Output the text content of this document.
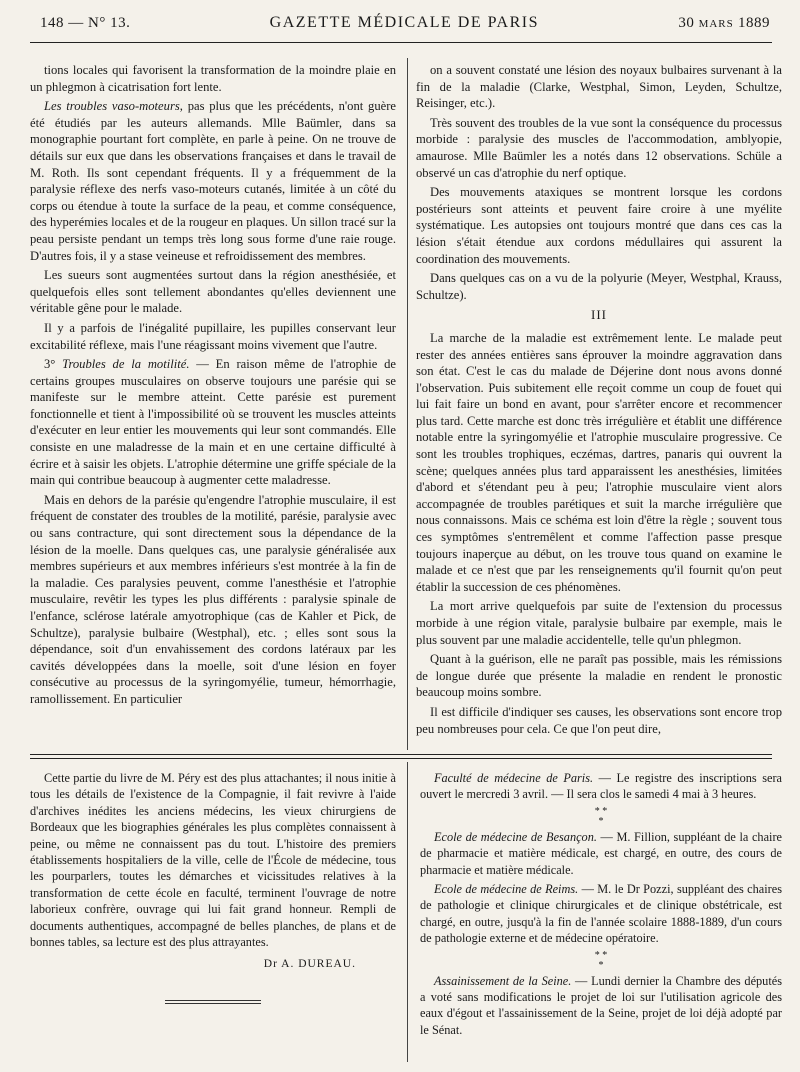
148 — N° 13.	GAZETTE MÉDICALE DE PARIS	30 MARS 1889

tions locales qui favorisent la transformation de la moindre plaie en un phlegmon à cicatrisation fort lente.

Les troubles vaso-moteurs, pas plus que les précédents, n'ont guère été étudiés par les auteurs allemands. Mlle Baümler, dans sa monographie pourtant fort complète, en parle à peine. On ne trouve de détails sur eux que dans les observations françaises et dans le travail de M. Roth. Ils sont cependant fréquents. Il y a fréquemment de la paralysie réflexe des nerfs vaso-moteurs cutanés, limitée à un côté du corps ou étendue à toute la surface de la peau, et comme conséquence, des hyperémies locales et de la rougeur en plaques. Un sillon tracé sur la peau persiste pendant un temps très long sous forme d'une raie rouge. D'autres fois, il y a stase veineuse et refroidissement des membres.

Les sueurs sont augmentées surtout dans la région anesthésiée, et quelquefois elles sont tellement abondantes qu'elles deviennent une véritable gêne pour le malade.

Il y a parfois de l'inégalité pupillaire, les pupilles conservant leur excitabilité réflexe, mais l'une réagissant moins vivement que l'autre.

3° Troubles de la motilité. — En raison même de l'atrophie de certains groupes musculaires on observe toujours une parésie qui se manifeste sur le membre atteint. Cette parésie est purement fonctionnelle et tient à l'impossibilité où se trouvent les muscles atteints d'exécuter en leur entier les mouvements qui leur sont commandés. Elle consiste en une maladresse de la main et en une certaine difficulté à écrire et à saisir les objets. L'atrophie détermine une griffe spéciale de la main qui contribue beaucoup à augmenter cette maladresse.

Mais en dehors de la parésie qu'engendre l'atrophie musculaire, il est fréquent de constater des troubles de la motilité, parésie, paralysie avec ou sans contracture, qui sont directement sous la dépendance de la lésion de la moelle. Dans quelques cas, une paralysie généralisée aux membres supérieurs et aux membres inférieurs s'est montrée à la fin de la maladie. Ces paralysies peuvent, comme l'anesthésie et l'atrophie musculaire, revêtir les types les plus différents : paralysie spinale de l'enfance, sclérose latérale amyotrophique (cas de Kahler et Pick, de Schultze), paralysie bulbaire (Westphal), etc. ; elles sont sous la dépendance, soit d'un envahissement des cordons latéraux par les cavités développées dans la moelle, soit d'une lésion en foyer consécutive au processus de la syringomyélie, tumeur, hémorrhagie, ramollissement. En particulier

on a souvent constaté une lésion des noyaux bulbaires survenant à la fin de la maladie (Clarke, Westphal, Simon, Leyden, Schultze, Reisinger, etc.).

Très souvent des troubles de la vue sont la conséquence du processus morbide : paralysie des muscles de l'accommodation, amblyopie, amaurose. Mlle Baümler les a notés dans 12 observations. Schüle a observé un cas d'atrophie du nerf optique.

Des mouvements ataxiques se montrent lorsque les cordons postérieurs sont atteints et peuvent faire croire à une myélite systématique. Les autopsies ont toujours montré que dans ces cas la lésion s'était étendue aux cordons médullaires qui assurent la coordination des mouvements.

Dans quelques cas on a vu de la polyurie (Meyer, Westphal, Krauss, Schultze).

III

La marche de la maladie est extrêmement lente. Le malade peut rester des années entières sans éprouver la moindre aggravation dans son état. C'est le cas du malade de Déjerine dont nous avons donné l'observation. Puis subitement elle reçoit comme un coup de fouet qui lui fait faire un bond en avant, pour s'arrêter encore et recommencer plus tard. Cette marche est donc très irrégulière et établit une différence notable entre la syringomyélie et l'atrophie musculaire progressive. Ce sont les troubles trophiques, eczémas, dartres, panaris qui ouvrent la scène; quelques années plus tard apparaissent les anesthésies, limitées d'abord et s'étendant peu à peu; l'atrophie musculaire vient alors accompagnée de troubles parétiques et suit la marche irrégulière que nous connaissons. Mais ce schéma est loin d'être la règle ; souvent tous ces symptômes s'entremêlent et comme l'affection passe presque toujours inaperçue au début, on les trouve tous quand on examine le malade et ce n'est que par les renseignements qu'il fournit qu'on peut établir la succession de ces phénomènes.

La mort arrive quelquefois par suite de l'extension du processus morbide à une région vitale, paralysie bulbaire par exemple, mais le plus souvent par une maladie accidentelle, telle qu'un phlegmon.

Quant à la guérison, elle ne paraît pas possible, mais les rémissions de longue durée que présente la maladie en rendent le pronostic beaucoup moins sombre.

Il est difficile d'indiquer ses causes, les observations sont encore trop peu nombreuses pour cela. Ce que l'on peut dire,

Cette partie du livre de M. Péry est des plus attachantes; il nous initie à tous les détails de l'existence de la Compagnie, il fait revivre à l'aide d'archives inédites les anciens médecins, les vieux chirurgiens de Bordeaux que les biographies générales les plus complètes connaissent à peine, ou même ne connaissent pas du tout. L'histoire des premiers établissements hospitaliers de la ville, celle de l'École de médecine, tous les pourparlers, toutes les démarches et vicissitudes relatives à la transformation de cette école en faculté, terminent l'ouvrage de notre laborieux confrère, ouvrage qui lui fait grand honneur. Rempli de documents authentiques, accompagné de belles planches, de plans et de bonnes tables, sa lecture est des plus attrayantes.

Dr A. DUREAU.

Faculté de médecine de Paris. — Le registre des inscriptions sera ouvert le mercredi 3 avril. — Il sera clos le samedi 4 mai à 3 heures.

* *
*

Ecole de médecine de Besançon. — M. Fillion, suppléant de la chaire de pharmacie et matière médicale, est chargé, en outre, des cours de pharmacie et matière médicale.

Ecole de médecine de Reims. — M. le Dr Pozzi, suppléant des chaires de pathologie et clinique chirurgicales et de clinique obstétricale, est chargé, en outre, jusqu'à la fin de l'année scolaire 1888-1889, d'un cours de pathologie externe et de médecine opératoire.

* *
*

Assainissement de la Seine. — Lundi dernier la Chambre des députés a voté sans modifications le projet de loi sur l'utilisation agricole des eaux d'égout et l'assainissement de la Seine, projet de loi déjà adopté par le Sénat.
